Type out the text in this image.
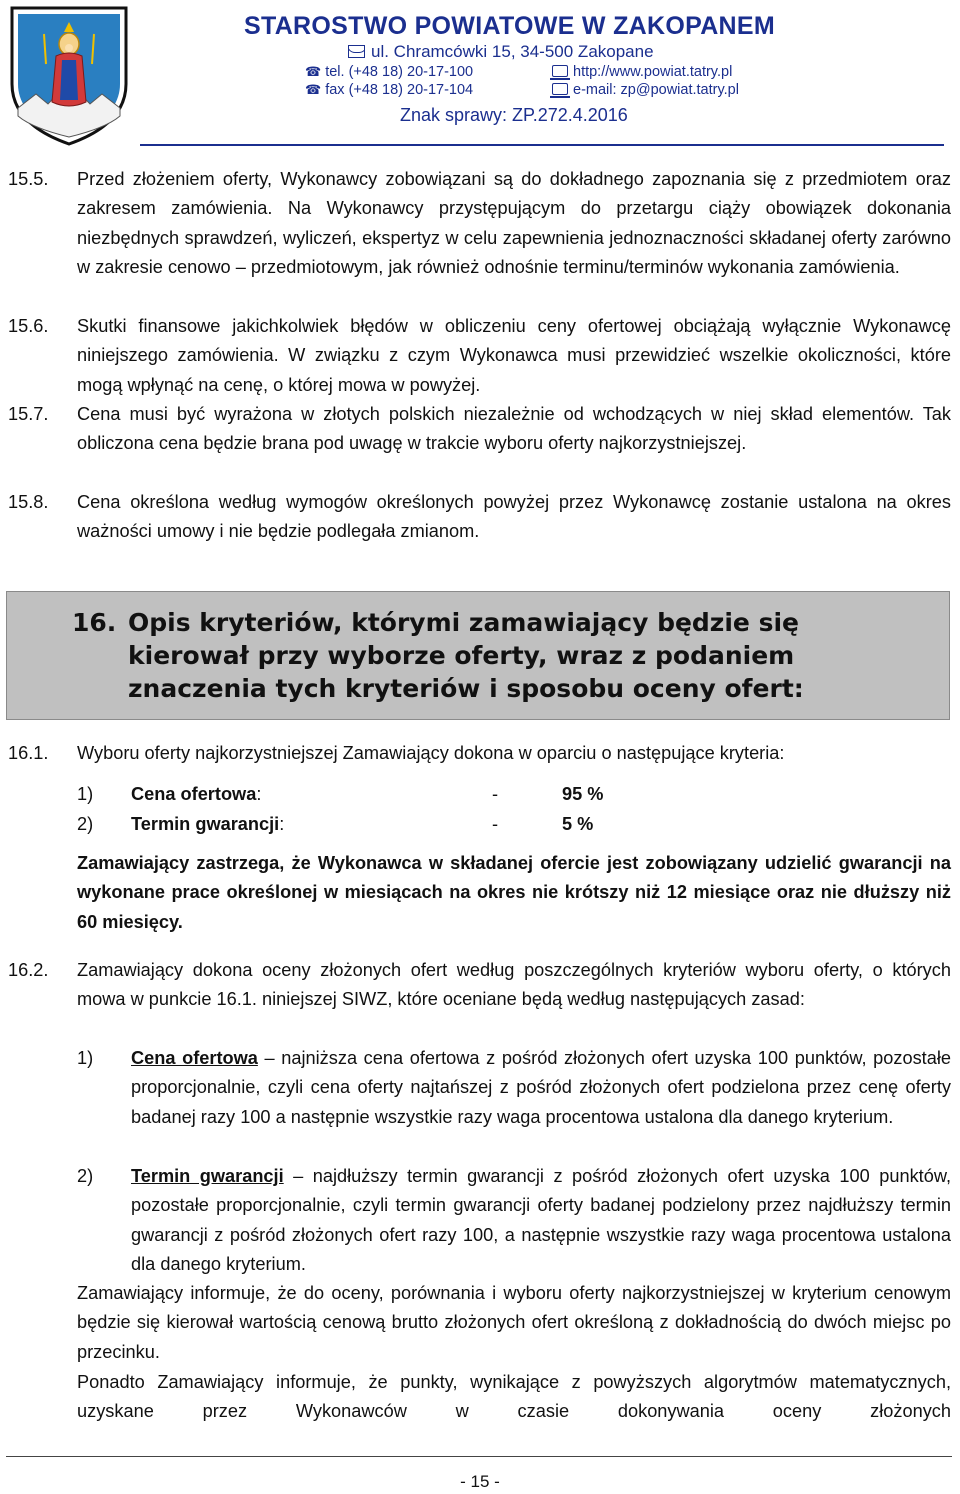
STAROSTWO POWIATOWE W ZAKOPANEM
ul. Chramcówki 15, 34-500 Zakopane
☎ tel. (+48 18) 20-17-100
☎ fax (+48 18) 20-17-104
http://www.powiat.tatry.pl
e-mail: zp@powiat.tatry.pl
Znak sprawy: ZP.272.4.2016
15.5. Przed złożeniem oferty, Wykonawcy zobowiązani są do dokładnego zapoznania się z przedmiotem oraz zakresem zamówienia. Na Wykonawcy przystępującym do przetargu ciąży obowiązek dokonania niezbędnych sprawdzeń, wyliczeń, ekspertyz w celu zapewnienia jednoznaczności składanej oferty zarówno w zakresie cenowo – przedmiotowym, jak również odnośnie terminu/terminów wykonania zamówienia.
15.6. Skutki finansowe jakichkolwiek błędów w obliczeniu ceny ofertowej obciążają wyłącznie Wykonawcę niniejszego zamówienia. W związku z czym Wykonawca musi przewidzieć wszelkie okoliczności, które mogą wpłynąć na cenę, o której mowa w powyżej.
15.7. Cena musi być wyrażona w złotych polskich niezależnie od wchodzących w niej skład elementów. Tak obliczona cena będzie brana pod uwagę w trakcie wyboru oferty najkorzystniejszej.
15.8. Cena określona według wymogów określonych powyżej przez Wykonawcę zostanie ustalona na okres ważności umowy i nie będzie podlegała zmianom.
16. Opis kryteriów, którymi zamawiający będzie się kierował przy wyborze oferty, wraz z podaniem znaczenia tych kryteriów i sposobu oceny ofert:
16.1. Wyboru oferty najkorzystniejszej Zamawiający dokona w oparciu o następujące kryteria:
1) Cena ofertowa:	-	95 %
2) Termin gwarancji:	-	5 %
Zamawiający zastrzega, że Wykonawca w składanej ofercie jest zobowiązany udzielić gwarancji na wykonane prace określonej w miesiącach na okres nie krótszy niż 12 miesiące oraz nie dłuższy niż 60 miesięcy.
16.2. Zamawiający dokona oceny złożonych ofert według poszczególnych kryteriów wyboru oferty, o których mowa w punkcie 16.1. niniejszej SIWZ, które oceniane będą według następujących zasad:
1) Cena ofertowa – najniższa cena ofertowa z pośród złożonych ofert uzyska 100 punktów, pozostałe proporcjonalnie, czyli cena oferty najtańszej z pośród złożonych ofert podzielona przez cenę oferty badanej razy 100 a następnie wszystkie razy waga procentowa ustalona dla danego kryterium.
2) Termin gwarancji – najdłuższy termin gwarancji z pośród złożonych ofert uzyska 100 punktów, pozostałe proporcjonalnie, czyli termin gwarancji oferty badanej podzielony przez najdłuższy termin gwarancji z pośród złożonych ofert razy 100, a następnie wszystkie razy waga procentowa ustalona dla danego kryterium.
Zamawiający informuje, że do oceny, porównania i wyboru oferty najkorzystniejszej w kryterium cenowym będzie się kierował wartością cenową brutto złożonych ofert określoną z dokładnością do dwóch miejsc po przecinku.
Ponadto Zamawiający informuje, że punkty, wynikające z powyższych algorytmów matematycznych, uzyskane przez Wykonawców w czasie dokonywania oceny złożonych
- 15 -
